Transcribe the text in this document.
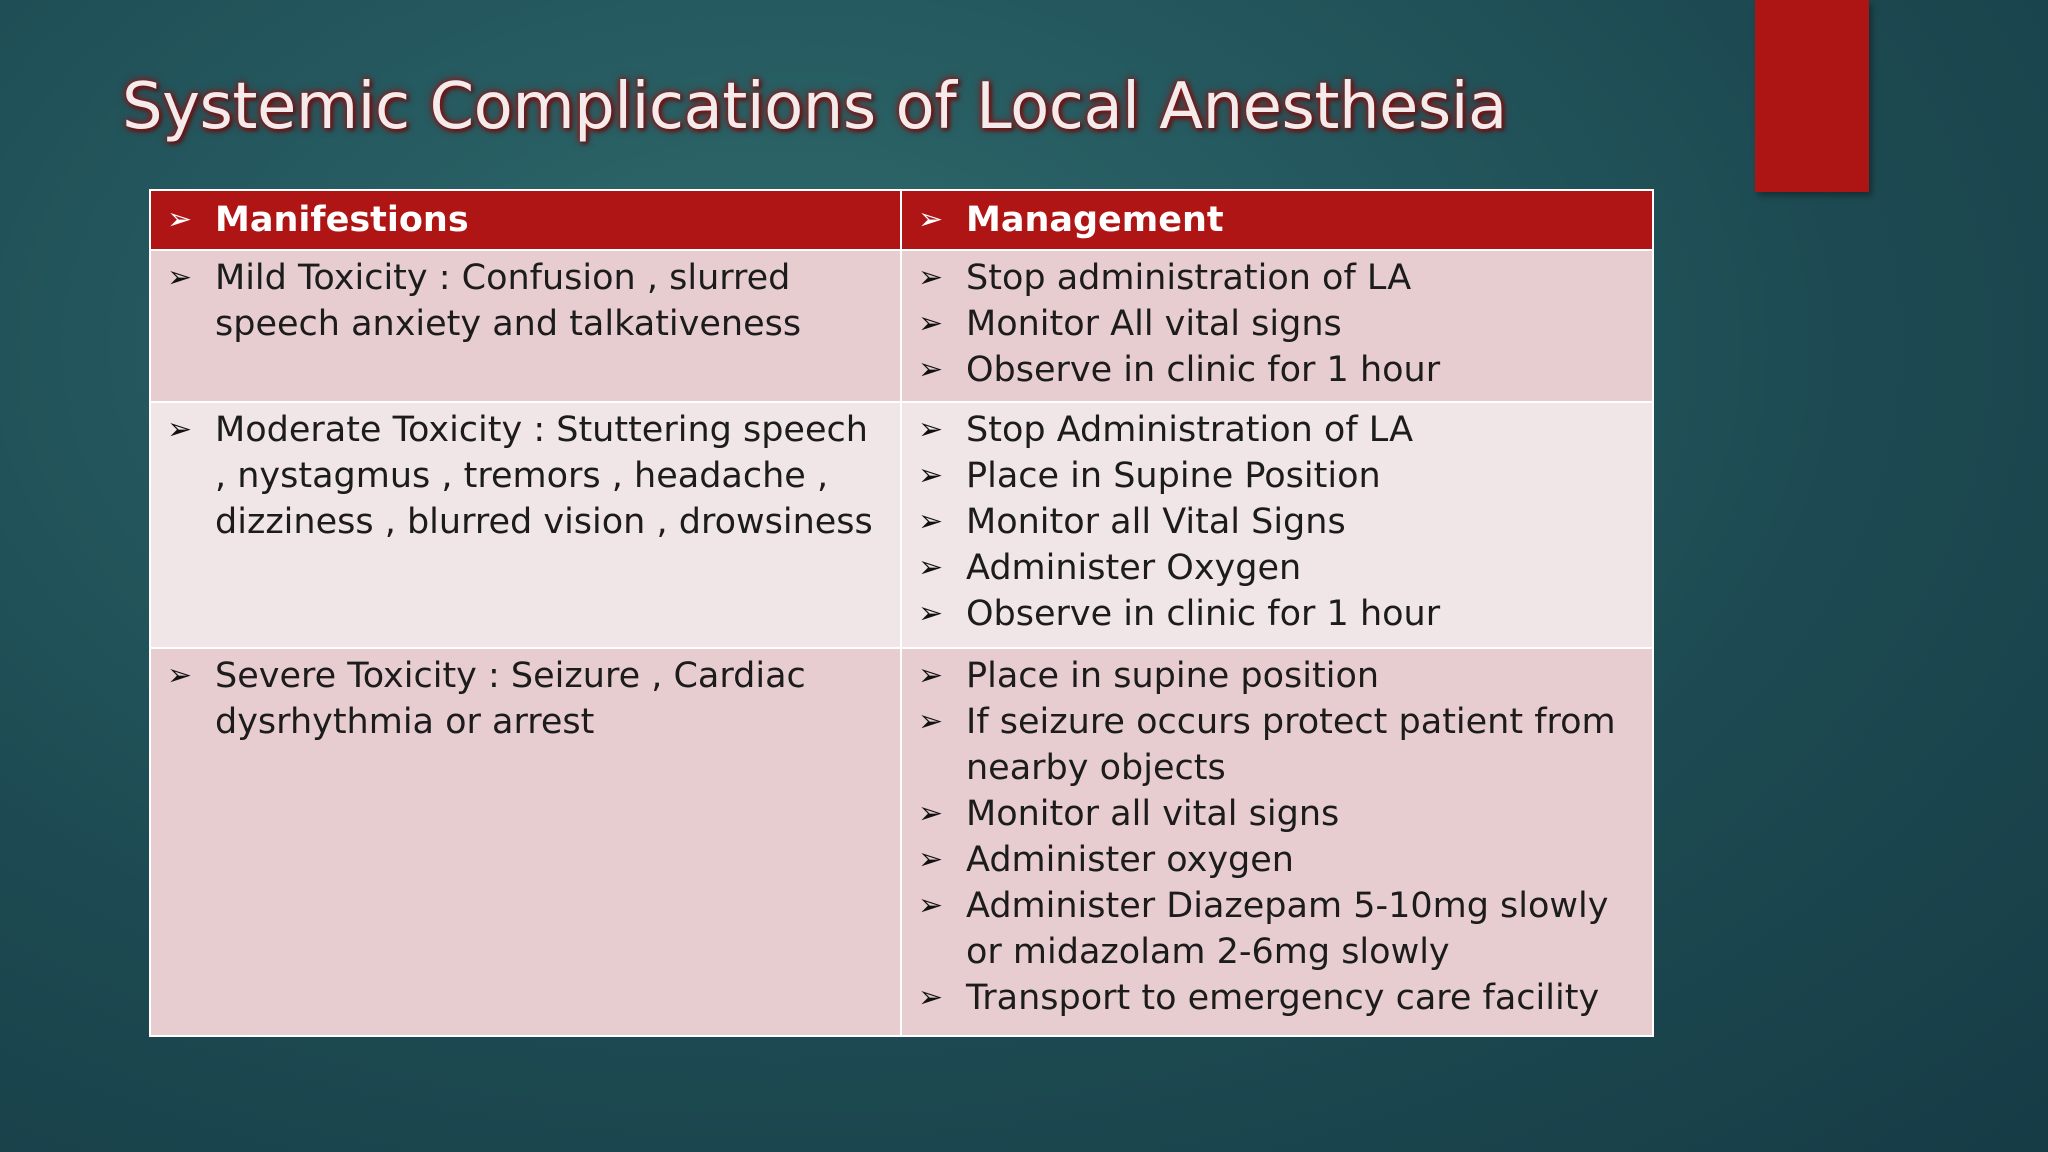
Systemic Complications of Local Anesthesia
➢ Manifestions	➢ Management
➢ Mild Toxicity : Confusion , slurred speech anxiety and talkativeness
➢ Stop administration of LA
➢ Monitor All vital signs
➢ Observe in clinic for 1 hour
➢ Moderate Toxicity : Stuttering speech , nystagmus , tremors , headache , dizziness , blurred vision , drowsiness
➢ Stop Administration of LA
➢ Place in Supine Position
➢ Monitor all Vital Signs
➢ Administer Oxygen
➢ Observe in clinic for 1 hour
➢ Severe Toxicity : Seizure , Cardiac dysrhythmia or arrest
➢ Place in supine position
➢ If seizure occurs protect patient from nearby objects
➢ Monitor all vital signs
➢ Administer oxygen
➢ Administer Diazepam 5-10mg slowly or midazolam 2-6mg slowly
➢ Transport to emergency care facility
